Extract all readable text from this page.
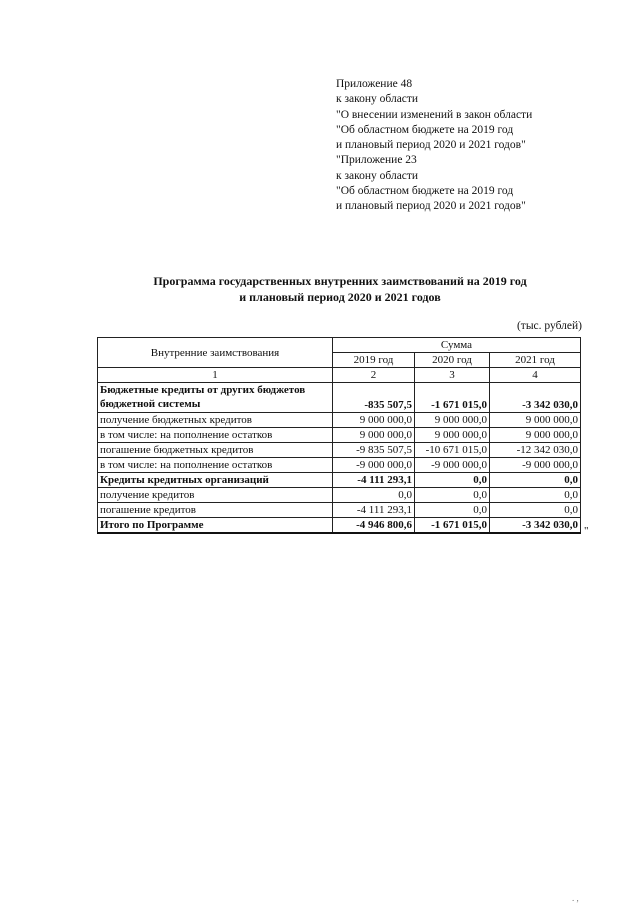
Приложение 48
к закону области
"О внесении изменений в закон области
"Об областном бюджете на 2019 год
и плановый период 2020 и 2021 годов"
"Приложение 23
к закону области
"Об областном бюджете на 2019 год
и плановый период 2020 и 2021 годов"
Программа государственных внутренних заимствований на 2019 год
и плановый период 2020 и 2021 годов
(тыс. рублей)
Внутренние заимствования	Сумма		
	2019 год	2020 год	2021 год
1	2	3	4
Бюджетные кредиты от других бюджетов бюджетной системы	-835 507,5	-1 671 015,0	-3 342 030,0
получение бюджетных кредитов	9 000 000,0	9 000 000,0	9 000 000,0
в том числе: на пополнение остатков	9 000 000,0	9 000 000,0	9 000 000,0
погашение бюджетных кредитов	-9 835 507,5	-10 671 015,0	-12 342 030,0
в том числе: на пополнение остатков	-9 000 000,0	-9 000 000,0	-9 000 000,0
Кредиты кредитных организаций	-4 111 293,1	0,0	0,0
получение кредитов	0,0	0,0	0,0
погашение кредитов	-4 111 293,1	0,0	0,0
Итого по Программе	-4 946 800,6	-1 671 015,0	-3 342 030,0 "
. ,
